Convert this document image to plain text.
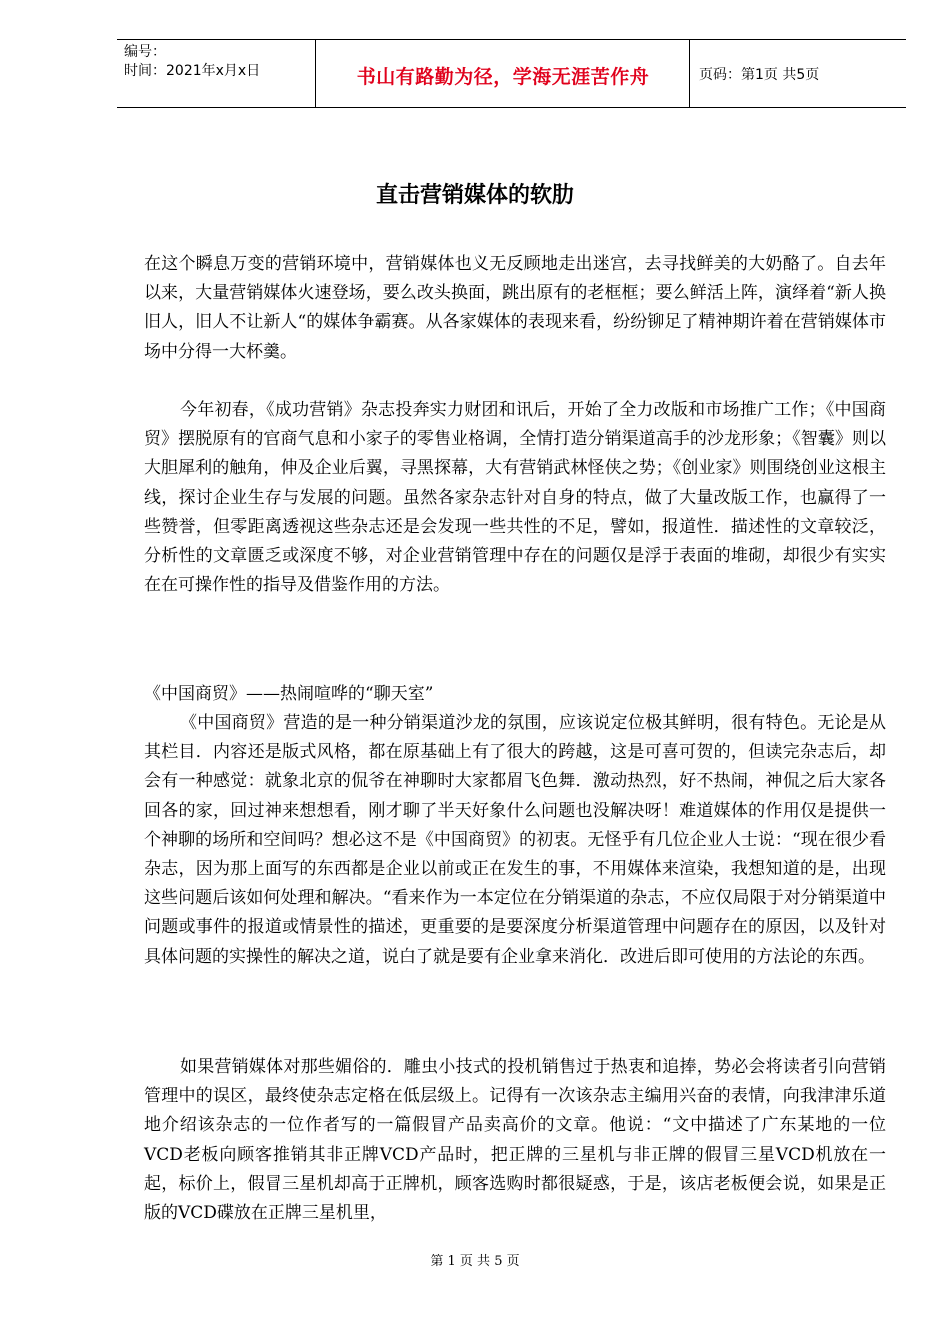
编号：
时间：2021年x月x日	书山有路勤为径，学海无涯苦作舟	页码：第1页 共5页
直击营销媒体的软肋

在这个瞬息万变的营销环境中，营销媒体也义无反顾地走出迷宫，去寻找鲜美的大奶酪了。自去年以来，大量营销媒体火速登场，要么改头换面，跳出原有的老框框；要么鲜活上阵，演绎着“新人换旧人，旧人不让新人“的媒体争霸赛。从各家媒体的表现来看，纷纷铆足了精神期许着在营销媒体市场中分得一大杯羹。

今年初春，《成功营销》杂志投奔实力财团和讯后，开始了全力改版和市场推广工作；《中国商贸》摆脱原有的官商气息和小家子的零售业格调，全情打造分销渠道高手的沙龙形象；《智囊》则以大胆犀利的触角，伸及企业后翼，寻黑探幕，大有营销武林怪侠之势；《创业家》则围绕创业这根主线，探讨企业生存与发展的问题。虽然各家杂志针对自身的特点，做了大量改版工作，也赢得了一些赞誉，但零距离透视这些杂志还是会发现一些共性的不足，譬如，报道性．描述性的文章较泛，分析性的文章匮乏或深度不够，对企业营销管理中存在的问题仅是浮于表面的堆砌，却很少有实实在在可操作性的指导及借鉴作用的方法。

《中国商贸》——热闹喧哗的“聊天室”

《中国商贸》营造的是一种分销渠道沙龙的氛围，应该说定位极其鲜明，很有特色。无论是从其栏目．内容还是版式风格，都在原基础上有了很大的跨越，这是可喜可贺的，但读完杂志后，却会有一种感觉：就象北京的侃爷在神聊时大家都眉飞色舞．激动热烈，好不热闹，神侃之后大家各回各的家，回过神来想想看，刚才聊了半天好象什么问题也没解决呀！难道媒体的作用仅是提供一个神聊的场所和空间吗？想必这不是《中国商贸》的初衷。无怪乎有几位企业人士说：“现在很少看杂志，因为那上面写的东西都是企业以前或正在发生的事，不用媒体来渲染，我想知道的是，出现这些问题后该如何处理和解决。“看来作为一本定位在分销渠道的杂志，不应仅局限于对分销渠道中问题或事件的报道或情景性的描述，更重要的是要深度分析渠道管理中问题存在的原因，以及针对具体问题的实操性的解决之道，说白了就是要有企业拿来消化．改进后即可使用的方法论的东西。

如果营销媒体对那些媚俗的．雕虫小技式的投机销售过于热衷和追捧，势必会将读者引向营销管理中的误区，最终使杂志定格在低层级上。记得有一次该杂志主编用兴奋的表情，向我津津乐道地介绍该杂志的一位作者写的一篇假冒产品卖高价的文章。他说：“文中描述了广东某地的一位VCD老板向顾客推销其非正牌VCD产品时，把正牌的三星机与非正牌的假冒三星VCD机放在一起，标价上，假冒三星机却高于正牌机，顾客选购时都很疑惑，于是，该店老板便会说，如果是正版的VCD碟放在正牌三星机里，

第 1 页 共 5 页
